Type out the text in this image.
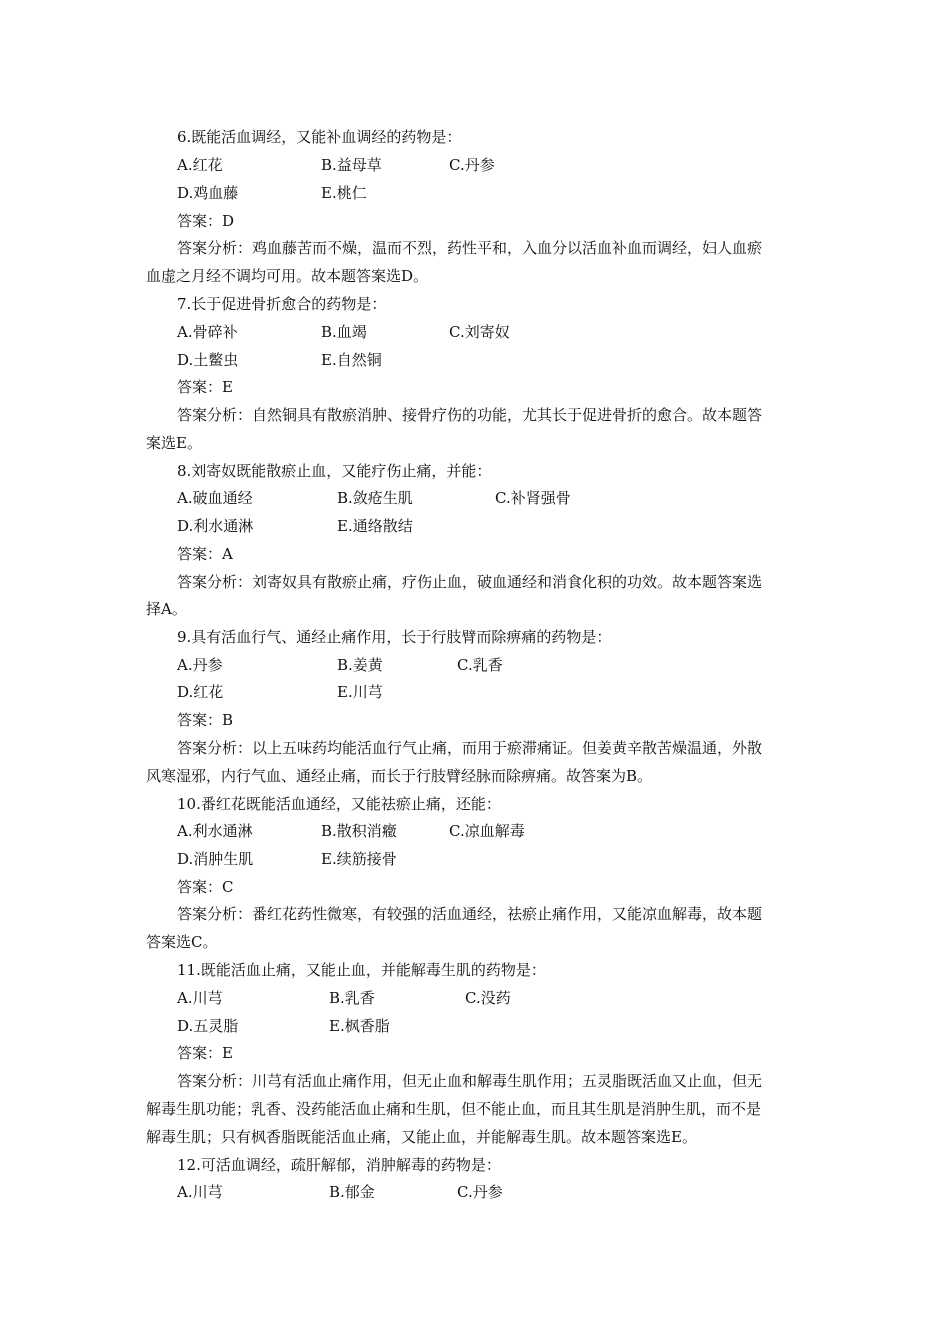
6.既能活血调经，又能补血调经的药物是：
A.红花	B.益母草	C.丹参
D.鸡血藤	E.桃仁
答案：D
答案分析：鸡血藤苦而不燥，温而不烈，药性平和，入血分以活血补血而调经，妇人血瘀
血虚之月经不调均可用。故本题答案选D。
7.长于促进骨折愈合的药物是：
A.骨碎补	B.血竭	C.刘寄奴
D.土鳖虫	E.自然铜
答案：E
答案分析：自然铜具有散瘀消肿、接骨疗伤的功能，尤其长于促进骨折的愈合。故本题答
案选E。
8.刘寄奴既能散瘀止血，又能疗伤止痛，并能：
A.破血通经	B.敛疮生肌	C.补肾强骨
D.利水通淋	E.通络散结
答案：A
答案分析：刘寄奴具有散瘀止痛，疗伤止血，破血通经和消食化积的功效。故本题答案选
择A。
9.具有活血行气、通经止痛作用，长于行肢臂而除痹痛的药物是：
A.丹参	B.姜黄	C.乳香
D.红花	E.川芎
答案：B
答案分析：以上五味药均能活血行气止痛，而用于瘀滞痛证。但姜黄辛散苦燥温通，外散
风寒湿邪，内行气血、通经止痛，而长于行肢臂经脉而除痹痛。故答案为B。
10.番红花既能活血通经，又能祛瘀止痛，还能：
A.利水通淋	B.散积消癥	C.凉血解毒
D.消肿生肌	E.续筋接骨
答案：C
答案分析：番红花药性微寒，有较强的活血通经，祛瘀止痛作用，又能凉血解毒，故本题
答案选C。
11.既能活血止痛，又能止血，并能解毒生肌的药物是：
A.川芎	B.乳香	C.没药
D.五灵脂	E.枫香脂
答案：E
答案分析：川芎有活血止痛作用，但无止血和解毒生肌作用；五灵脂既活血又止血，但无
解毒生肌功能；乳香、没药能活血止痛和生肌，但不能止血，而且其生肌是消肿生肌，而不是
解毒生肌；只有枫香脂既能活血止痛，又能止血，并能解毒生肌。故本题答案选E。
12.可活血调经，疏肝解郁，消肿解毒的药物是：
A.川芎	B.郁金	C.丹参
